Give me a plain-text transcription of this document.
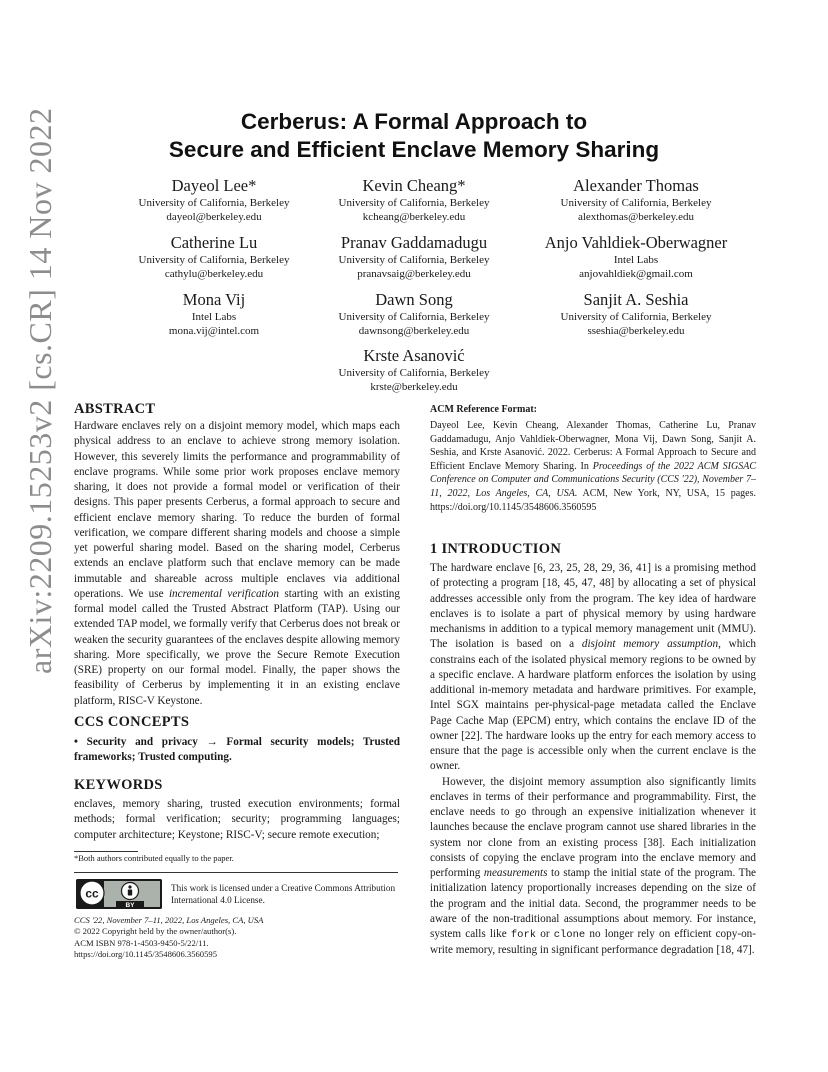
arXiv:2209.15253v2 [cs.CR] 14 Nov 2022	Cerberus: A Formal Approach to
Secure and Efficient Enclave Memory Sharing
Dayeol Lee*
University of California, Berkeley
dayeol@berkeley.edu
Kevin Cheang*
University of California, Berkeley
kcheang@berkeley.edu
Alexander Thomas
University of California, Berkeley
alexthomas@berkeley.edu
Catherine Lu
University of California, Berkeley
cathylu@berkeley.edu
Pranav Gaddamadugu
University of California, Berkeley
pranavsaig@berkeley.edu
Anjo Vahldiek-Oberwagner
Intel Labs
anjovahldiek@gmail.com
Mona Vij
Intel Labs
mona.vij@intel.com
Dawn Song
University of California, Berkeley
dawnsong@berkeley.edu
Sanjit A. Seshia
University of California, Berkeley
sseshia@berkeley.edu
Krste Asanović
University of California, Berkeley
krste@berkeley.edu
ABSTRACT

Hardware enclaves rely on a disjoint memory model, which maps each physical address to an enclave to achieve strong memory isolation. However, this severely limits the performance and programmability of enclave programs. While some prior work proposes enclave memory sharing, it does not provide a formal model or verification of their designs. This paper presents Cerberus, a formal approach to secure and efficient enclave memory sharing. To reduce the burden of formal verification, we compare different sharing models and choose a simple yet powerful sharing model. Based on the sharing model, Cerberus extends an enclave platform such that enclave memory can be made immutable and shareable across multiple enclaves via additional operations. We use incremental verification starting with an existing formal model called the Trusted Abstract Platform (TAP). Using our extended TAP model, we formally verify that Cerberus does not break or weaken the security guarantees of the enclaves despite allowing memory sharing. More specifically, we prove the Secure Remote Execution (SRE) property on our formal model. Finally, the paper shows the feasibility of Cerberus by implementing it in an existing enclave platform, RISC-V Keystone.

CCS CONCEPTS
• Security and privacy → Formal security models; Trusted frameworks; Trusted computing.
KEYWORDS
enclaves, memory sharing, trusted execution environments; formal methods; formal verification; security; programming languages; computer architecture; Keystone; RISC-V; secure remote execution;
*Both authors contributed equally to the paper.
cc
BY
This work is licensed under a Creative Commons Attribution International 4.0 License.
CCS '22, November 7–11, 2022, Los Angeles, CA, USA
© 2022 Copyright held by the owner/author(s).
ACM ISBN 978-1-4503-9450-5/22/11.
https://doi.org/10.1145/3548606.3560595
ACM Reference Format:
Dayeol Lee, Kevin Cheang, Alexander Thomas, Catherine Lu, Pranav Gaddamadugu, Anjo Vahldiek-Oberwagner, Mona Vij, Dawn Song, Sanjit A. Seshia, and Krste Asanović. 2022. Cerberus: A Formal Approach to Secure and Efficient Enclave Memory Sharing. In Proceedings of the 2022 ACM SIGSAC Conference on Computer and Communications Security (CCS '22), November 7–11, 2022, Los Angeles, CA, USA. ACM, New York, NY, USA, 15 pages. https://doi.org/10.1145/3548606.3560595
1 INTRODUCTION

The hardware enclave [6, 23, 25, 28, 29, 36, 41] is a promising method of protecting a program [18, 45, 47, 48] by allocating a set of physical addresses accessible only from the program. The key idea of hardware enclaves is to isolate a part of physical memory by using hardware mechanisms in addition to a typical memory management unit (MMU). The isolation is based on a disjoint memory assumption, which constrains each of the isolated physical memory regions to be owned by a specific enclave. A hardware platform enforces the isolation by using additional in-memory metadata and hardware primitives. For example, Intel SGX maintains per-physical-page metadata called the Enclave Page Cache Map (EPCM) entry, which contains the enclave ID of the owner [22]. The hardware looks up the entry for each memory access to ensure that the page is accessible only when the current enclave is the owner.

However, the disjoint memory assumption also significantly limits enclaves in terms of their performance and programmability. First, the enclave needs to go through an expensive initialization whenever it launches because the enclave program cannot use shared libraries in the system nor clone from an existing process [38]. Each initialization consists of copying the enclave program into the enclave memory and performing measurements to stamp the initial state of the program. The initialization latency proportionally increases depending on the size of the program and the initial data. Second, the programmer needs to be aware of the non-traditional assumptions about memory. For instance, system calls like fork or clone no longer rely on efficient copy-on-write memory, resulting in significant performance degradation [18, 47].
